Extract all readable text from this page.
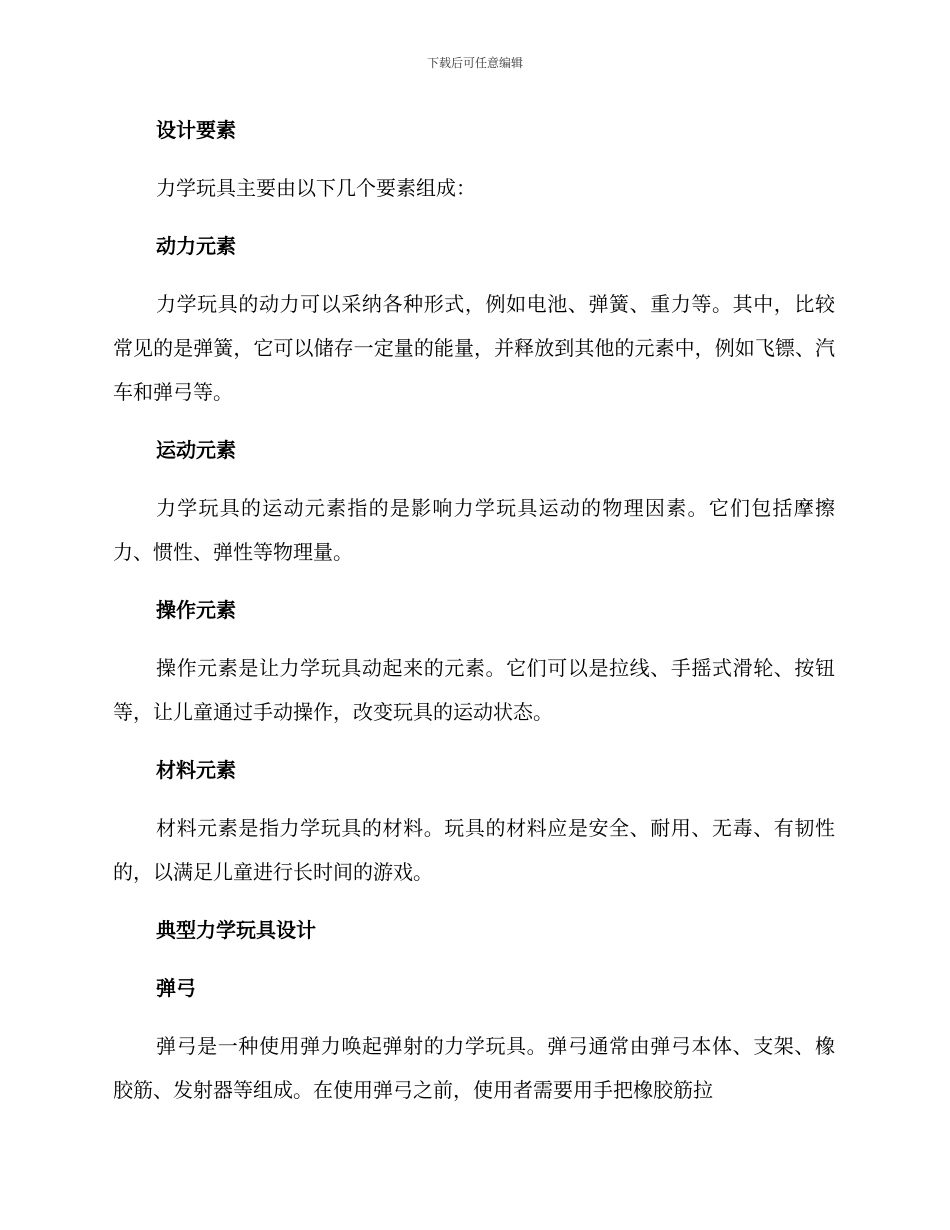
下载后可任意编辑
设计要素
力学玩具主要由以下几个要素组成：
动力元素
力学玩具的动力可以采纳各种形式，例如电池、弹簧、重力等。其中，比较常见的是弹簧，它可以储存一定量的能量，并释放到其他的元素中，例如飞镖、汽车和弹弓等。
运动元素
力学玩具的运动元素指的是影响力学玩具运动的物理因素。它们包括摩擦力、惯性、弹性等物理量。
操作元素
操作元素是让力学玩具动起来的元素。它们可以是拉线、手摇式滑轮、按钮等，让儿童通过手动操作，改变玩具的运动状态。
材料元素
材料元素是指力学玩具的材料。玩具的材料应是安全、耐用、无毒、有韧性的，以满足儿童进行长时间的游戏。
典型力学玩具设计
弹弓
弹弓是一种使用弹力唤起弹射的力学玩具。弹弓通常由弹弓本体、支架、橡胶筋、发射器等组成。在使用弹弓之前，使用者需要用手把橡胶筋拉
